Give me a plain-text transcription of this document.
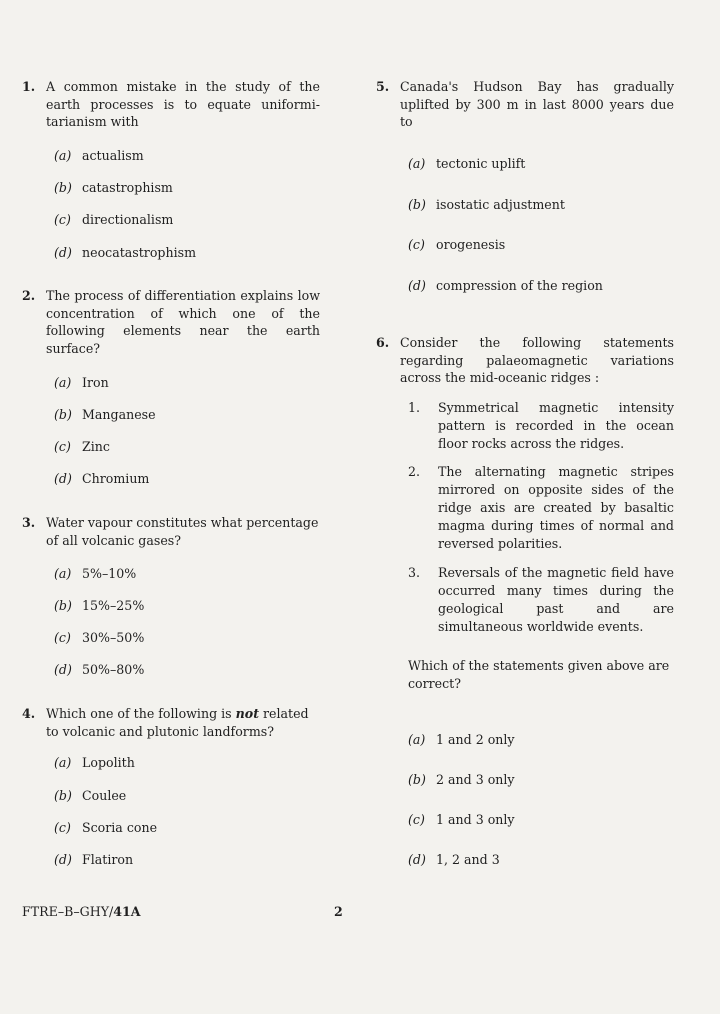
1. A common mistake in the study of the earth processes is to equate uniformi-tarianism with
(a) actualism
(b) catastrophism
(c) directionalism
(d) neocatastrophism
2. The process of differentiation explains low concentration of which one of the following elements near the earth surface?
(a) Iron
(b) Manganese
(c) Zinc
(d) Chromium
3. Water vapour constitutes what percentage of all volcanic gases?
(a) 5%–10%
(b) 15%–25%
(c) 30%–50%
(d) 50%–80%
4. Which one of the following is not related to volcanic and plutonic landforms?
(a) Lopolith
(b) Coulee
(c) Scoria cone
(d) Flatiron
5. Canada's Hudson Bay has gradually uplifted by 300 m in last 8000 years due to
(a) tectonic uplift
(b) isostatic adjustment
(c) orogenesis
(d) compression of the region
6. Consider the following statements regarding palaeomagnetic variations across the mid-oceanic ridges :
1.	Symmetrical magnetic intensity pattern is recorded in the ocean floor rocks across the ridges.
2.	The alternating magnetic stripes mirrored on opposite sides of the ridge axis are created by basaltic magma during times of normal and reversed polarities.
3.	Reversals of the magnetic field have occurred many times during the geological past and are simultaneous worldwide events.
Which of the statements given above are correct?
(a) 1 and 2 only
(b) 2 and 3 only
(c) 1 and 3 only
(d) 1, 2 and 3
FTRE–B–GHY/41A	2
